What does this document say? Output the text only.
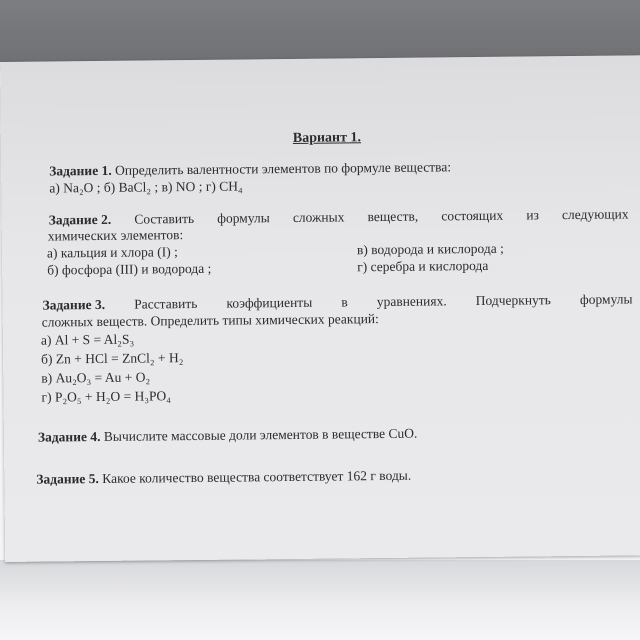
Вариант 1.
Задание 1. Определить валентности элементов по формуле вещества:
а) Na₂O ; б) BaCl₂ ; в) NO ; г) CH₄
Задание 2. Составить формулы сложных веществ, состоящих из следующих
химических элементов:
а) кальция и хлора (I) ;
б) фосфора (III) и водорода ;
в) водорода и кислорода ;
г) серебра и кислорода
Задание 3. Расставить коэффициенты в уравнениях. Подчеркнуть формулы
сложных веществ. Определить типы химических реакций:
а) Al + S = Al₂S₃
б) Zn + HCl = ZnCl₂ + H₂
в) Au₂O₃ = Au + O₂
г) P₂O₅ + H₂O = H₃PO₄
Задание 4. Вычислите массовые доли элементов в веществе CuO.
Задание 5. Какое количество вещества соответствует 162 г воды.
